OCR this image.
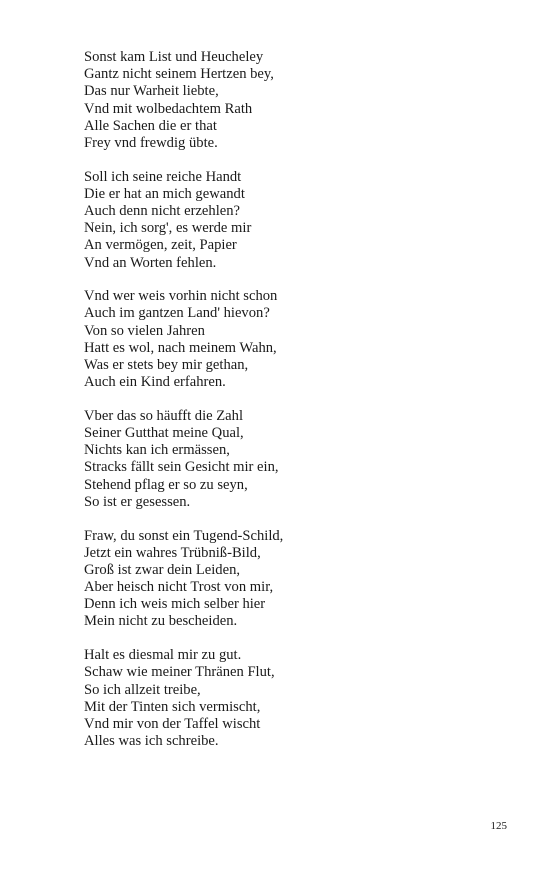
Sonst kam List und Heucheley
Gantz nicht seinem Hertzen bey,
Das nur Warheit liebte,
Vnd mit wolbedachtem Rath
Alle Sachen die er that
Frey vnd frewdig übte.
Soll ich seine reiche Handt
Die er hat an mich gewandt
Auch denn nicht erzehlen?
Nein, ich sorg', es werde mir
An vermögen, zeit, Papier
Vnd an Worten fehlen.
Vnd wer weis vorhin nicht schon
Auch im gantzen Land' hievon?
Von so vielen Jahren
Hatt es wol, nach meinem Wahn,
Was er stets bey mir gethan,
Auch ein Kind erfahren.
Vber das so häufft die Zahl
Seiner Gutthat meine Qual,
Nichts kan ich ermässen,
Stracks fällt sein Gesicht mir ein,
Stehend pflag er so zu seyn,
So ist er gesessen.
Fraw, du sonst ein Tugend-Schild,
Jetzt ein wahres Trübniß-Bild,
Groß ist zwar dein Leiden,
Aber heisch nicht Trost von mir,
Denn ich weis mich selber hier
Mein nicht zu bescheiden.
Halt es diesmal mir zu gut.
Schaw wie meiner Thränen Flut,
So ich allzeit treibe,
Mit der Tinten sich vermischt,
Vnd mir von der Taffel wischt
Alles was ich schreibe.
125
